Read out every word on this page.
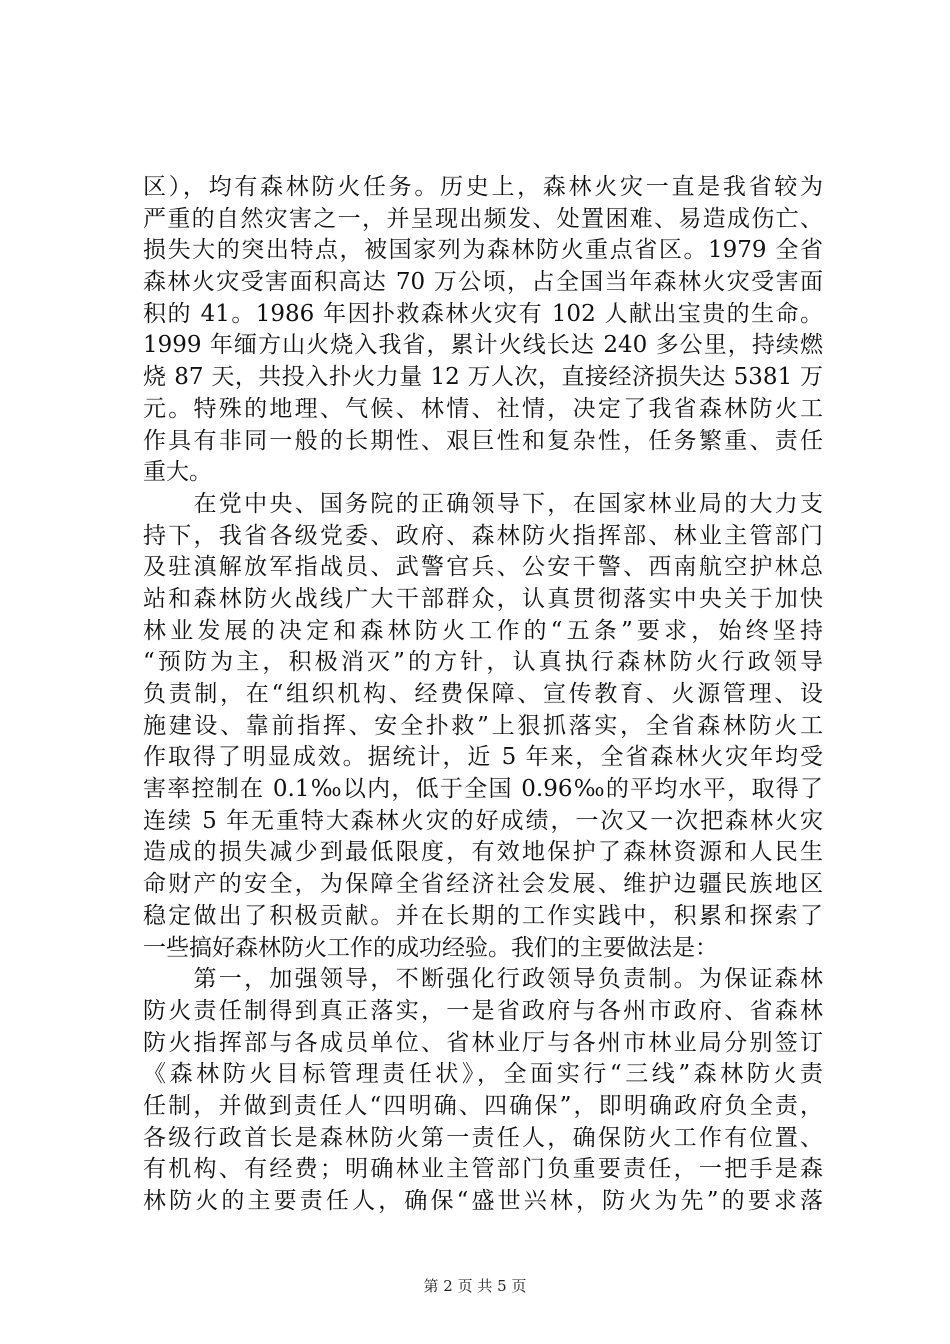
区），均有森林防火任务。历史上，森林火灾一直是我省较为
严重的自然灾害之一，并呈现出频发、处置困难、易造成伤亡、
损失大的突出特点，被国家列为森林防火重点省区。1979 全省
森林火灾受害面积高达 70 万公顷，占全国当年森林火灾受害面
积的 41。1986 年因扑救森林火灾有 102 人献出宝贵的生命。
1999 年缅方山火烧入我省，累计火线长达 240 多公里，持续燃
烧 87 天，共投入扑火力量 12 万人次，直接经济损失达 5381 万
元。特殊的地理、气候、林情、社情，决定了我省森林防火工
作具有非同一般的长期性、艰巨性和复杂性，任务繁重、责任
重大。
　　在党中央、国务院的正确领导下，在国家林业局的大力支
持下，我省各级党委、政府、森林防火指挥部、林业主管部门
及驻滇解放军指战员、武警官兵、公安干警、西南航空护林总
站和森林防火战线广大干部群众，认真贯彻落实中央关于加快
林业发展的决定和森林防火工作的“五条”要求，始终坚持
“预防为主，积极消灭”的方针，认真执行森林防火行政领导
负责制，在“组织机构、经费保障、宣传教育、火源管理、设
施建设、靠前指挥、安全扑救”上狠抓落实，全省森林防火工
作取得了明显成效。据统计，近 5 年来，全省森林火灾年均受
害率控制在 0.1‰以内，低于全国 0.96‰的平均水平，取得了
连续 5 年无重特大森林火灾的好成绩，一次又一次把森林火灾
造成的损失减少到最低限度，有效地保护了森林资源和人民生
命财产的安全，为保障全省经济社会发展、维护边疆民族地区
稳定做出了积极贡献。并在长期的工作实践中，积累和探索了
一些搞好森林防火工作的成功经验。我们的主要做法是：
　　第一，加强领导，不断强化行政领导负责制。为保证森林
防火责任制得到真正落实，一是省政府与各州市政府、省森林
防火指挥部与各成员单位、省林业厅与各州市林业局分别签订
《森林防火目标管理责任状》，全面实行“三线”森林防火责
任制，并做到责任人“四明确、四确保”，即明确政府负全责，
各级行政首长是森林防火第一责任人，确保防火工作有位置、
有机构、有经费；明确林业主管部门负重要责任，一把手是森
林防火的主要责任人，确保“盛世兴林，防火为先”的要求落
第 2 页 共 5 页
